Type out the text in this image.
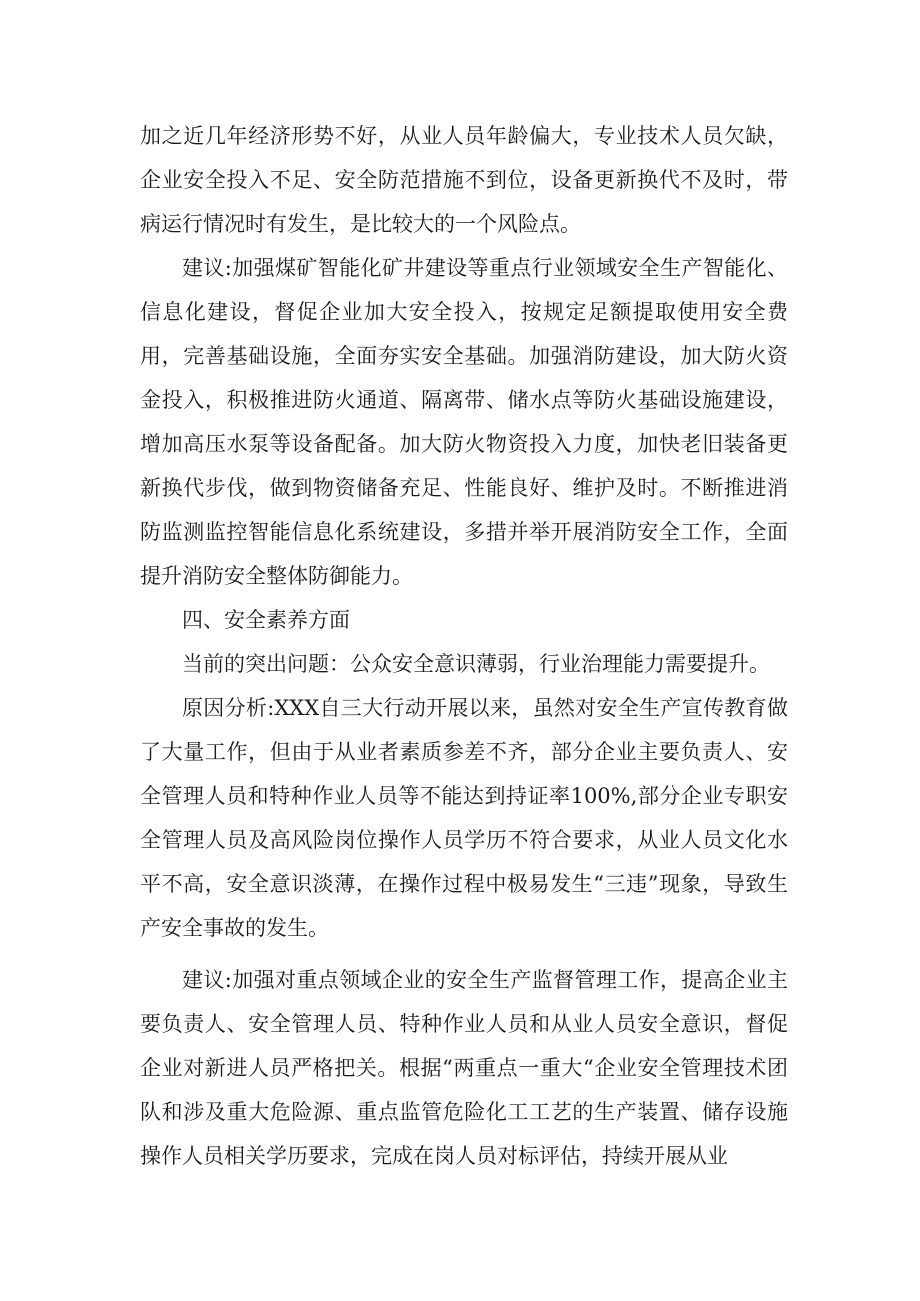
加之近几年经济形势不好，从业人员年龄偏大，专业技术人员欠缺，企业安全投入不足、安全防范措施不到位，设备更新换代不及时，带病运行情况时有发生，是比较大的一个风险点。

建议:加强煤矿智能化矿井建设等重点行业领域安全生产智能化、信息化建设，督促企业加大安全投入，按规定足额提取使用安全费用，完善基础设施，全面夯实安全基础。加强消防建设，加大防火资金投入，积极推进防火通道、隔离带、储水点等防火基础设施建设，增加高压水泵等设备配备。加大防火物资投入力度，加快老旧装备更新换代步伐，做到物资储备充足、性能良好、维护及时。不断推进消防监测监控智能信息化系统建设，多措并举开展消防安全工作，全面提升消防安全整体防御能力。

四、安全素养方面

当前的突出问题：公众安全意识薄弱，行业治理能力需要提升。

原因分析:XXX自三大行动开展以来，虽然对安全生产宣传教育做了大量工作，但由于从业者素质参差不齐，部分企业主要负责人、安全管理人员和特种作业人员等不能达到持证率100%,部分企业专职安全管理人员及高风险岗位操作人员学历不符合要求，从业人员文化水平不高，安全意识淡薄，在操作过程中极易发生“三违”现象，导致生产安全事故的发生。

建议:加强对重点领域企业的安全生产监督管理工作，提高企业主要负责人、安全管理人员、特种作业人员和从业人员安全意识，督促企业对新进人员严格把关。根据“两重点一重大“企业安全管理技术团队和涉及重大危险源、重点监管危险化工工艺的生产装置、储存设施操作人员相关学历要求，完成在岗人员对标评估，持续开展从业
